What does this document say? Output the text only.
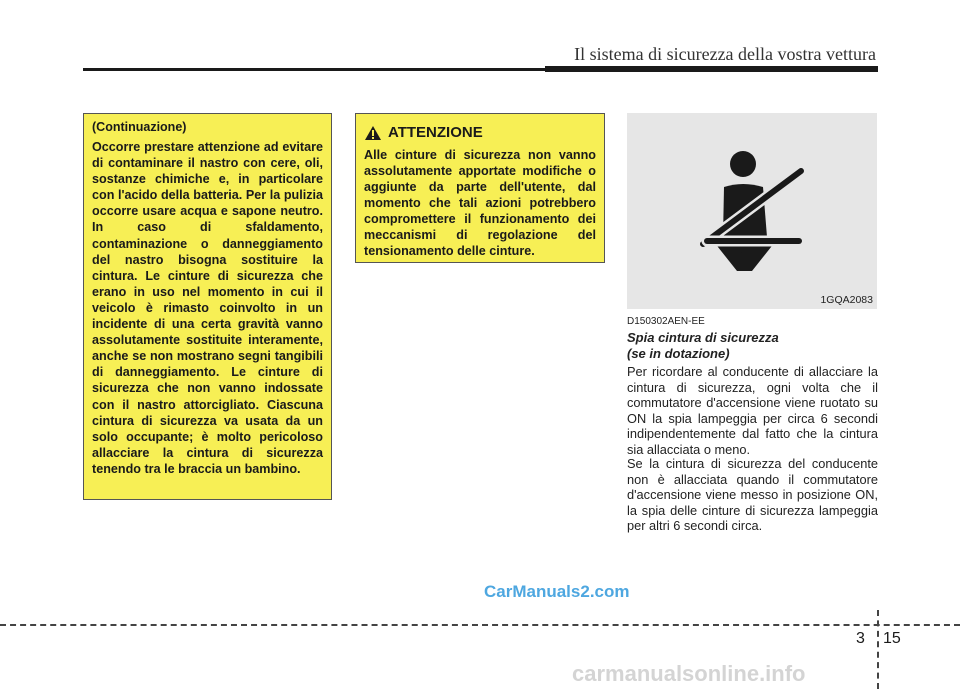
Il sistema di sicurezza della vostra vettura
(Continuazione)
Occorre prestare attenzione ad evitare di contaminare il nastro con cere, oli, sostanze chimiche e, in particolare con l'acido della batteria. Per la pulizia occorre usare acqua e sapone neutro. In caso di sfaldamento, contaminazione o danneggiamento del nastro bisogna sostituire la cintura. Le cinture di sicurezza che erano in uso nel momento in cui il veicolo è rimasto coinvolto in un incidente di una certa gravità vanno assolutamente sostituite interamente, anche se non mostrano segni tangibili di danneggiamento. Le cinture di sicurezza che non vanno indossate con il nastro attorcigliato. Ciascuna cintura di sicurezza va usata da un solo occupante; è molto pericoloso allacciare la cintura di sicurezza tenendo tra le braccia un bambino.
ATTENZIONE
Alle cinture di sicurezza non vanno assolutamente apportate modifiche o aggiunte da parte dell'utente, dal momento che tali azioni potrebbero compromettere il funzionamento dei meccanismi di regolazione del tensionamento delle cinture.
1GQA2083
D150302AEN-EE
Spia cintura di sicurezza
(se in dotazione)
Per ricordare al conducente di allacciare la cintura di sicurezza, ogni volta che il commutatore d'accensione viene ruotato su ON la spia lampeggia per circa 6 secondi indipendentemente dal fatto che la cintura sia allacciata o meno.
Se la cintura di sicurezza del conducente non è allacciata quando il commutatore d'accensione viene messo in posizione ON, la spia delle cinture di sicurezza lampeggia per altri 6 secondi circa.
CarManuals2.com
3 15
carmanualsonline.info
